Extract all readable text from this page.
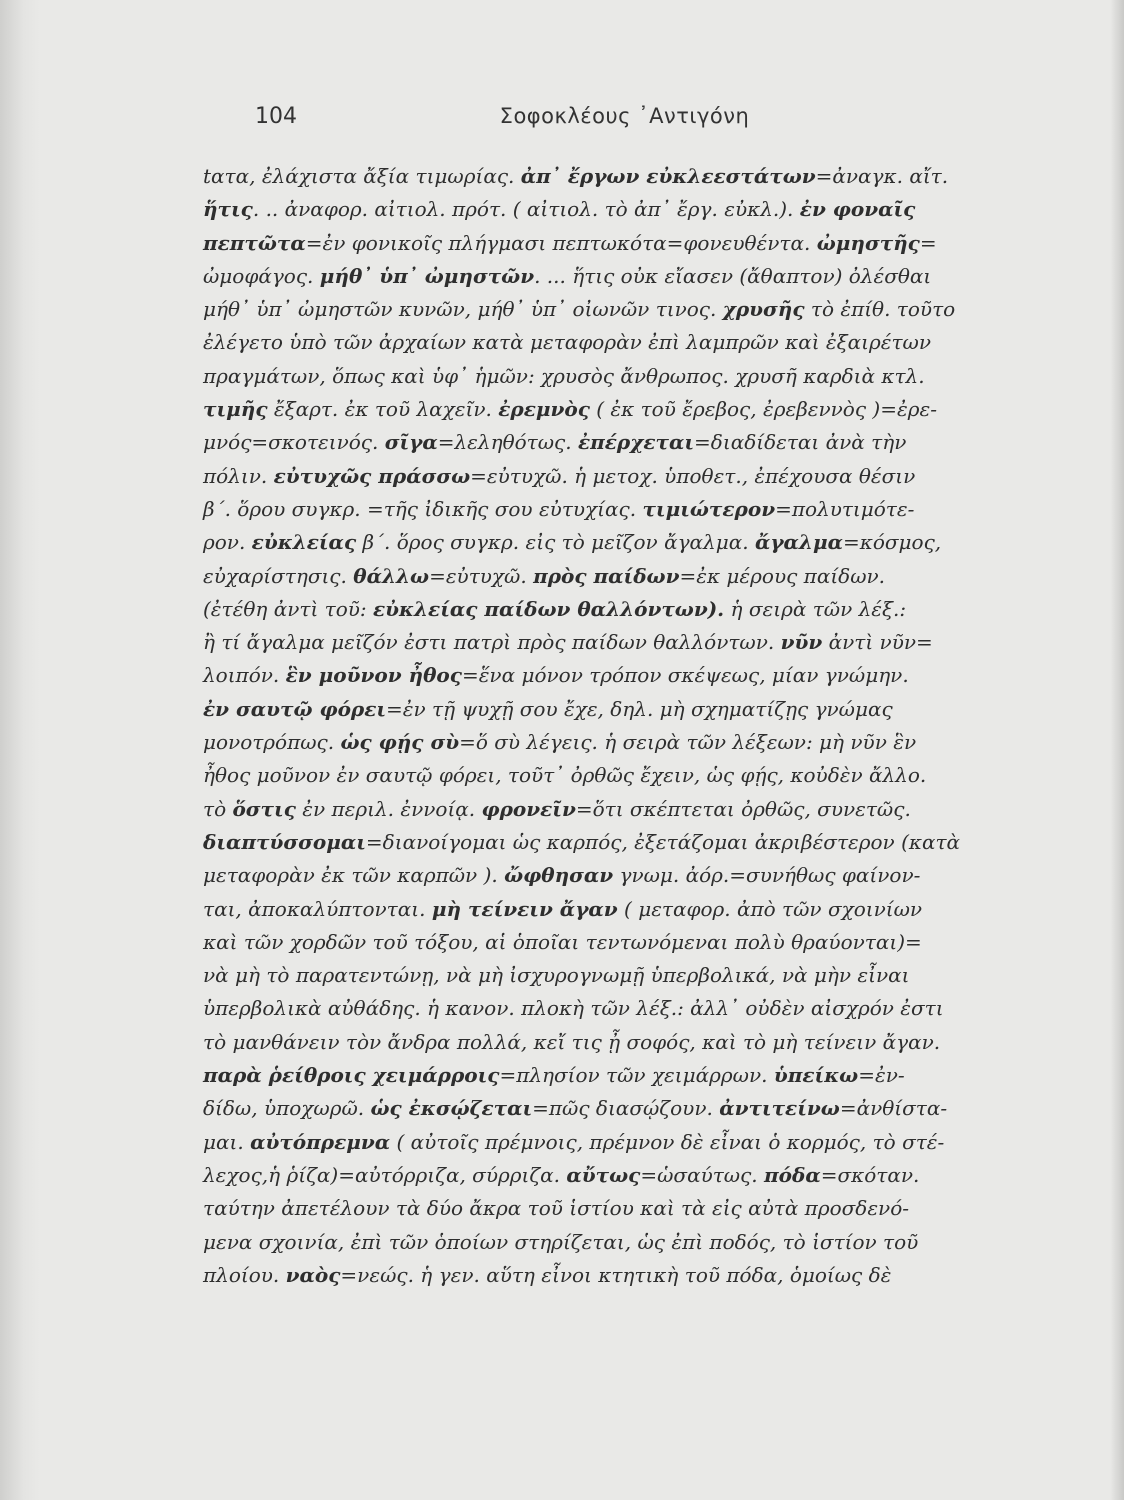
104	Σοφοκλέους ᾽Αντιγόνη
tατα, ἐλάχιστα ἄξία τιμωρίας. ἀπ᾽ ἔργων εὐκλεεστάτων=ἀναγκ. αἴτ.
ἥτις. .. ἀναφορ. αἰτιολ. πρότ. ( αἰτιολ. τὸ ἀπ᾽ ἔργ. εὐκλ.). ἐν φοναῖς
πεπτῶτα=ἐν φονικοῖς πλήγμασι πεπτωκότα=φονευθέντα. ὠμηστῆς=
ὠμοφάγος. μήθ᾽ ὑπ᾽ ὠμηστῶν. ... ἥτις οὐκ εἴασεν (ἄθαπτον) ὀλέσθαι
μήθ᾽ ὑπ᾽ ὠμηστῶν κυνῶν, μήθ᾽ ὑπ᾽ οἰωνῶν τινος. χρυσῆς τὸ ἐπίθ. τοῦτο
ἐλέγετο ὑπὸ τῶν ἀρχαίων κατὰ μεταφορὰν ἐπὶ λαμπρῶν καὶ ἐξαιρέτων
πραγμάτων, ὅπως καὶ ὑφ᾽ ἡμῶν: χρυσὸς ἄνθρωπος. χρυσῆ καρδιὰ κτλ.
τιμῆς ἔξαρτ. ἐκ τοῦ λαχεῖν. ἐρεμνὸς ( ἐκ τοῦ ἔρεβος, ἐρεβεννὸς )=ἐρε-
μνός=σκοτεινός. σῖγα=λεληθότως. ἐπέρχεται=διαδίδεται ἀνὰ τὴν
πόλιν. εὐτυχῶς πράσσω=εὐτυχῶ. ἡ μετοχ. ὑποθετ., ἐπέχουσα θέσιν
β΄. ὅρου συγκρ. =τῆς ἰδικῆς σου εὐτυχίας. τιμιώτερον=πολυτιμότε-
ρον. εὐκλείας β΄. ὅρος συγκρ. εἰς τὸ μεῖζον ἄγαλμα. ἄγαλμα=κόσμος,
εὐχαρίστησις. θάλλω=εὐτυχῶ. πρὸς παίδων=ἐκ μέρους παίδων.
(ἐτέθη ἀντὶ τοῦ: εὐκλείας παίδων θαλλόντων). ἡ σειρὰ τῶν λέξ.:
ἢ τί ἄγαλμα μεῖζόν ἐστι πατρὶ πρὸς παίδων θαλλόντων. νῦν ἀντὶ νῦν=
λοιπόν. ἓν μοῦνον ἦθος=ἕνα μόνον τρόπον σκέψεως, μίαν γνώμην.
ἐν σαυτῷ φόρει=ἐν τῇ ψυχῇ σου ἔχε, δηλ. μὴ σχηματίζῃς γνώμας
μονοτρόπως. ὡς φῄς σὺ=ὅ σὺ λέγεις. ἡ σειρὰ τῶν λέξεων: μὴ νῦν ἓν
ἦθος μοῦνον ἐν σαυτῷ φόρει, τοῦτ᾽ ὀρθῶς ἔχειν, ὡς φῄς, κοὐδὲν ἄλλο.
τὸ ὅστις ἐν περιλ. ἐννοίᾳ. φρονεῖν=ὅτι σκέπτεται ὀρθῶς, συνετῶς.
διαπτύσσομαι=διανοίγομαι ὡς καρπός, ἐξετάζομαι ἀκριβέστερον (κατὰ
μεταφορὰν ἐκ τῶν καρπῶν ). ὤφθησαν γνωμ. ἀόρ.=συνήθως φαίνον-
ται, ἀποκαλύπτονται. μὴ τείνειν ἄγαν ( μεταφορ. ἀπὸ τῶν σχοινίων
καὶ τῶν χορδῶν τοῦ τόξου, αἱ ὁποῖαι τεντωνόμεναι πολὺ θραύονται)=
νὰ μὴ τὸ παρατεντώνῃ, νὰ μὴ ἰσχυρογνωμῇ ὑπερβολικά, νὰ μὴν εἶναι
ὑπερβολικὰ αὐθάδης. ἡ κανον. πλοκὴ τῶν λέξ.: ἀλλ᾽ οὐδὲν αἰσχρόν ἐστι
τὸ μανθάνειν τὸν ἄνδρα πολλά, κεἴ τις ᾖ σοφός, καὶ τὸ μὴ τείνειν ἄγαν.
παρὰ ῥείθροις χειμάρροις=πλησίον τῶν χειμάρρων. ὑπείκω=ἐν-
δίδω, ὑποχωρῶ. ὡς ἐκσῴζεται=πῶς διασῴζουν. ἀντιτείνω=ἀνθίστα-
μαι. αὐτόπρεμνα ( αὐτοῖς πρέμνοις, πρέμνον δὲ εἶναι ὁ κορμός, τὸ στέ-
λεχος,ἡ ῥίζα)=αὐτόρριζα, σύρριζα. αὔτως=ὡσαύτως. πόδα=σκόταν.
ταύτην ἀπετέλουν τὰ δύο ἄκρα τοῦ ἱστίου καὶ τὰ εἰς αὐτὰ προσδενό-
μενα σχοινία, ἐπὶ τῶν ὁποίων στηρίζεται, ὡς ἐπὶ ποδός, τὸ ἱστίον τοῦ
πλοίου. ναὸς=νεώς. ἡ γεν. αὕτη εἶνοι κτητικὴ τοῦ πόδα, ὁμοίως δὲ
